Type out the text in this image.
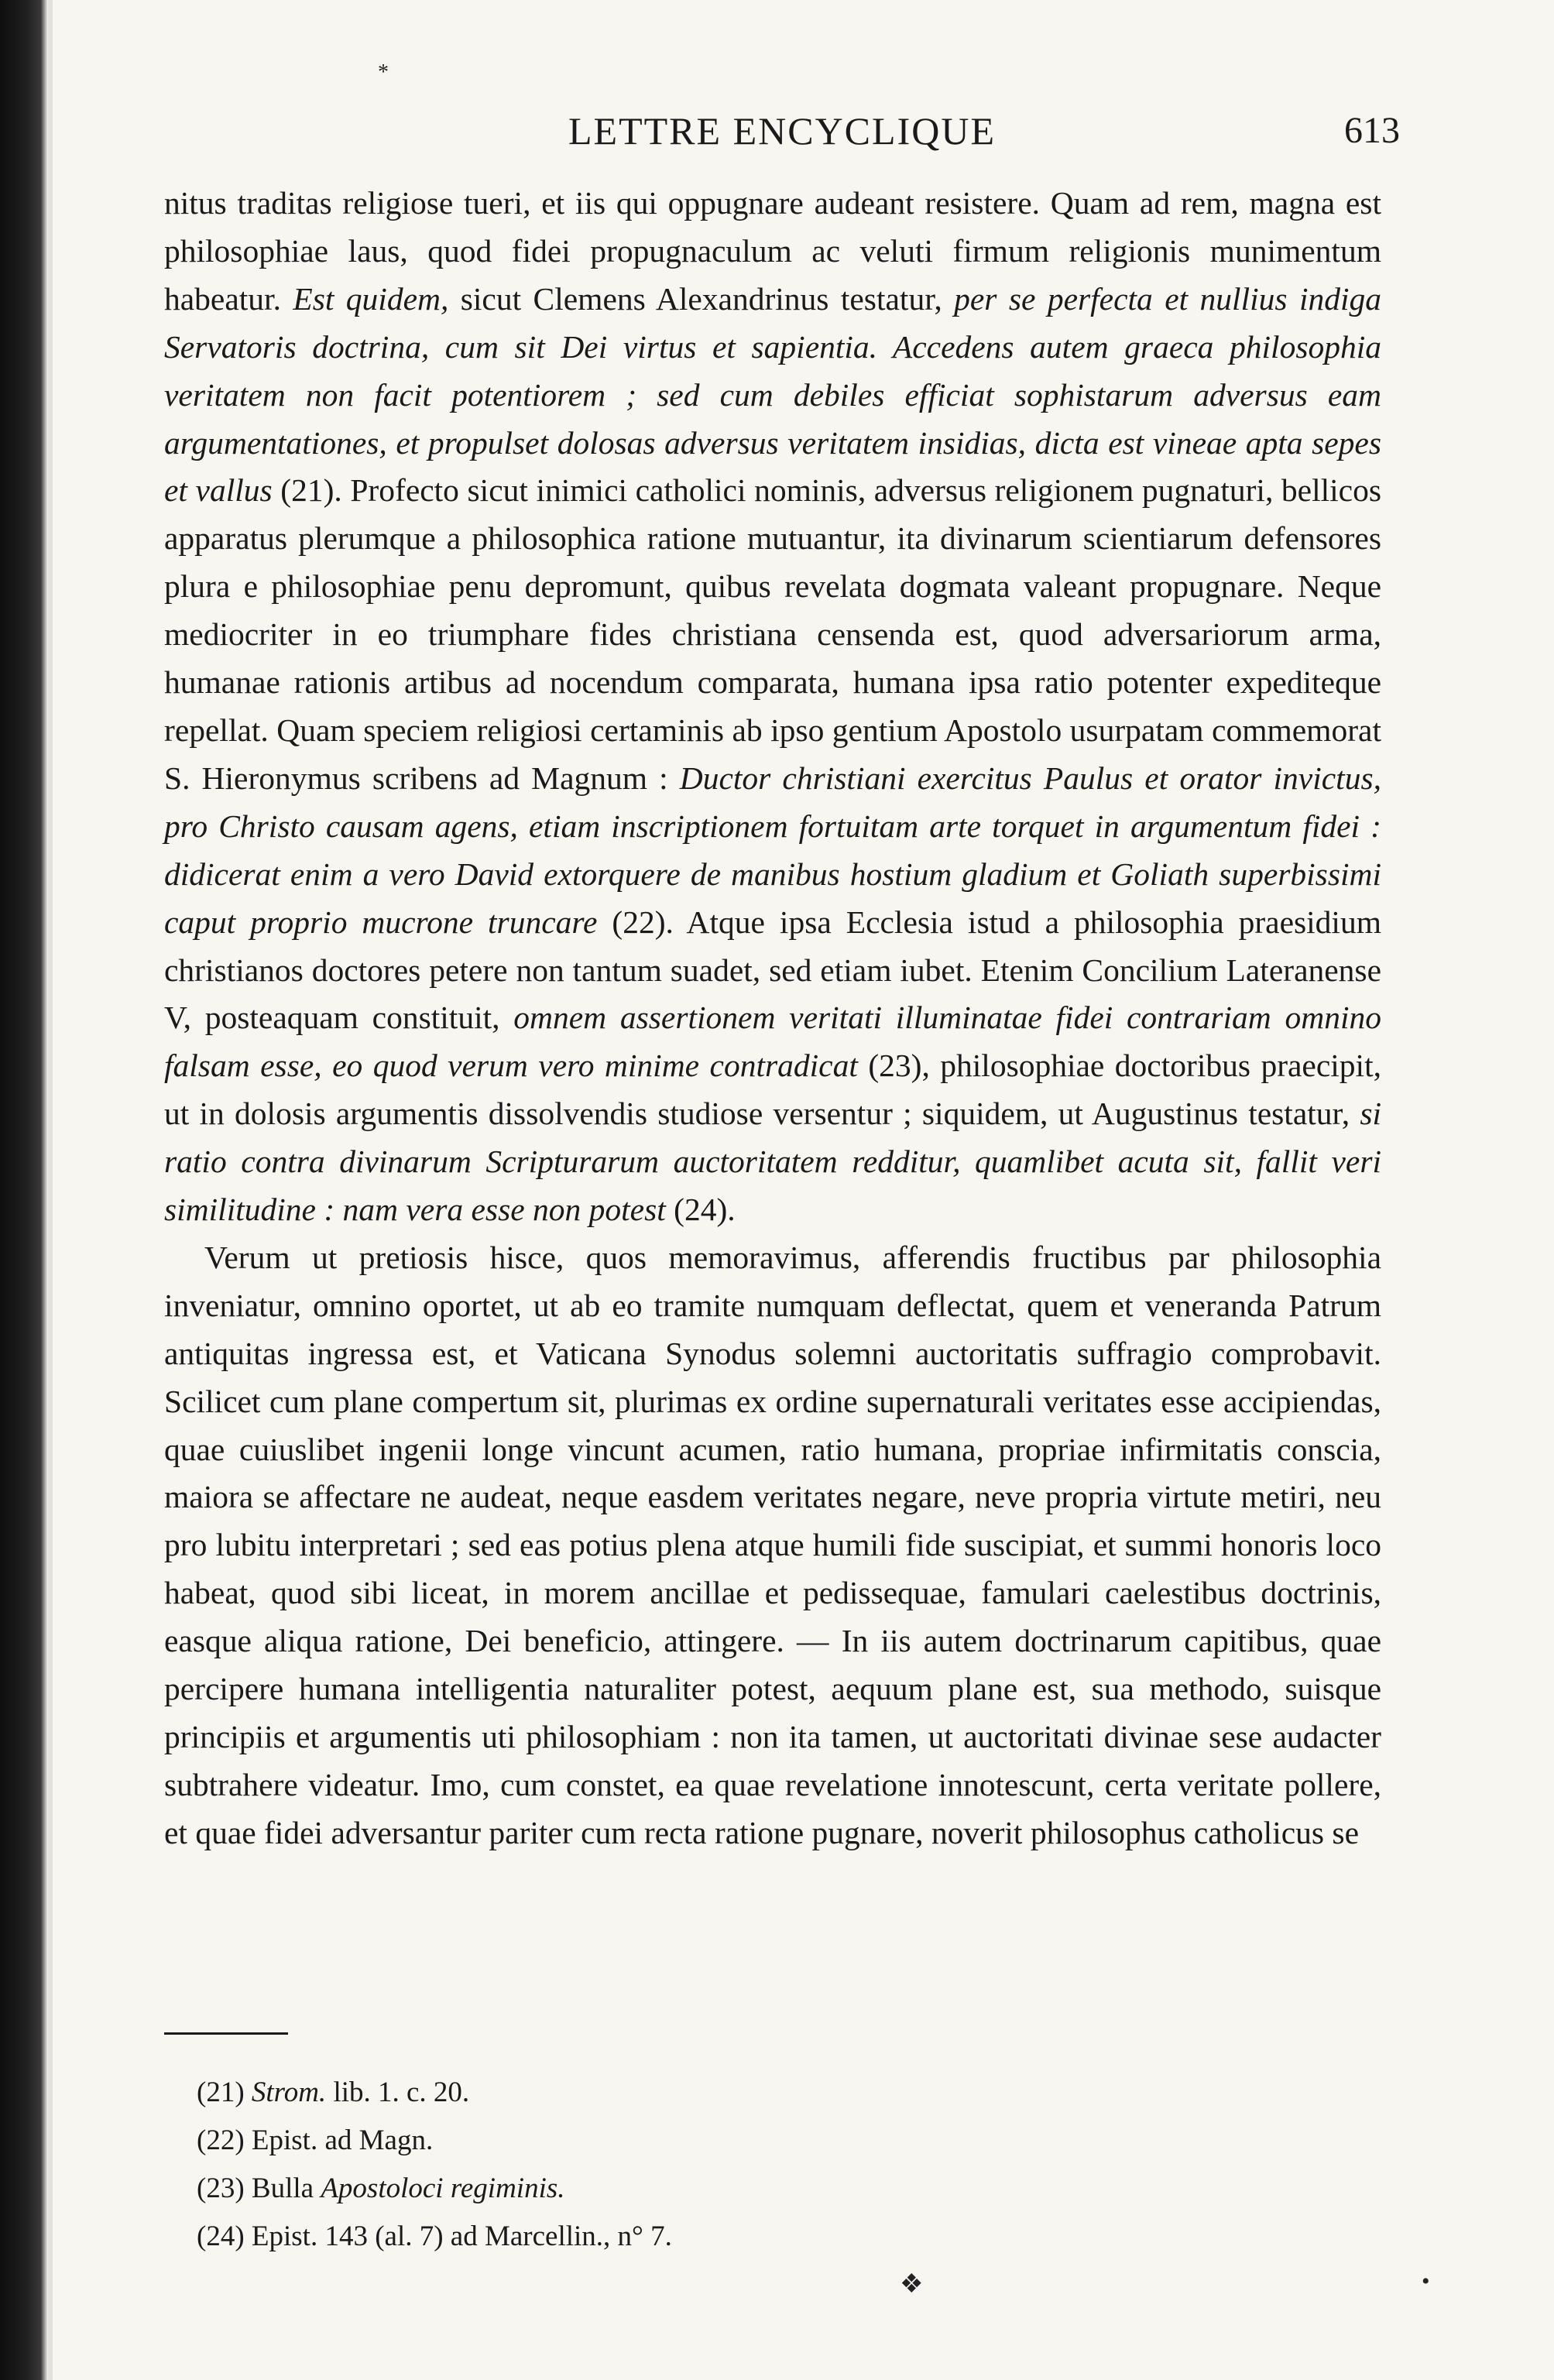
*
LETTRE ENCYCLIQUE	613

nitus traditas religiose tueri, et iis qui oppugnare audeant resistere. Quam ad rem, magna est philosophiae laus, quod fidei propugnaculum ac veluti firmum religionis munimentum habeatur. Est quidem, sicut Clemens Alexandrinus testatur, per se perfecta et nullius indiga Servatoris doctrina, cum sit Dei virtus et sapientia. Accedens autem graeca philosophia veritatem non facit potentiorem ; sed cum debiles efficiat sophistarum adversus eam argumentationes, et propulset dolosas adversus veritatem insidias, dicta est vineae apta sepes et vallus (21). Profecto sicut inimici catholici nominis, adversus religionem pugnaturi, bellicos apparatus plerumque a philosophica ratione mutuantur, ita divinarum scientiarum defensores plura e philosophiae penu depromunt, quibus revelata dogmata valeant propugnare. Neque mediocriter in eo triumphare fides christiana censenda est, quod adversariorum arma, humanae rationis artibus ad nocendum comparata, humana ipsa ratio potenter expediteque repellat. Quam speciem religiosi certaminis ab ipso gentium Apostolo usurpatam commemorat S. Hieronymus scribens ad Magnum : Ductor christiani exercitus Paulus et orator invictus, pro Christo causam agens, etiam inscriptionem fortuitam arte torquet in argumentum fidei : didicerat enim a vero David extorquere de manibus hostium gladium et Goliath superbissimi caput proprio mucrone truncare (22). Atque ipsa Ecclesia istud a philosophia praesidium christianos doctores petere non tantum suadet, sed etiam iubet. Etenim Concilium Lateranense V, posteaquam constituit, omnem assertionem veritati illuminatae fidei contrariam omnino falsam esse, eo quod verum vero minime contradicat (23), philosophiae doctoribus praecipit, ut in dolosis argumentis dissolvendis studiose versentur ; siquidem, ut Augustinus testatur, si ratio contra divinarum Scripturarum auctoritatem redditur, quamlibet acuta sit, fallit veri similitudine : nam vera esse non potest (24).

Verum ut pretiosis hisce, quos memoravimus, afferendis fructibus par philosophia inveniatur, omnino oportet, ut ab eo tramite numquam deflectat, quem et veneranda Patrum antiquitas ingressa est, et Vaticana Synodus solemni auctoritatis suffragio comprobavit. Scilicet cum plane compertum sit, plurimas ex ordine supernaturali veritates esse accipiendas, quae cuiuslibet ingenii longe vincunt acumen, ratio humana, propriae infirmitatis conscia, maiora se affectare ne audeat, neque easdem veritates negare, neve propria virtute metiri, neu pro lubitu interpretari ; sed eas potius plena atque humili fide suscipiat, et summi honoris loco habeat, quod sibi liceat, in morem ancillae et pedissequae, famulari caelestibus doctrinis, easque aliqua ratione, Dei beneficio, attingere. — In iis autem doctrinarum capitibus, quae percipere humana intelligentia naturaliter potest, aequum plane est, sua methodo, suisque principiis et argumentis uti philosophiam : non ita tamen, ut auctoritati divinae sese audacter subtrahere videatur. Imo, cum constet, ea quae revelatione innotescunt, certa veritate pollere, et quae fidei adversantur pariter cum recta ratione pugnare, noverit philosophus catholicus se

(21) Strom. lib. 1. c. 20.
(22) Epist. ad Magn.
(23) Bulla Apostoloci regiminis.
(24) Epist. 143 (al. 7) ad Marcellin., n° 7.
❖	•
